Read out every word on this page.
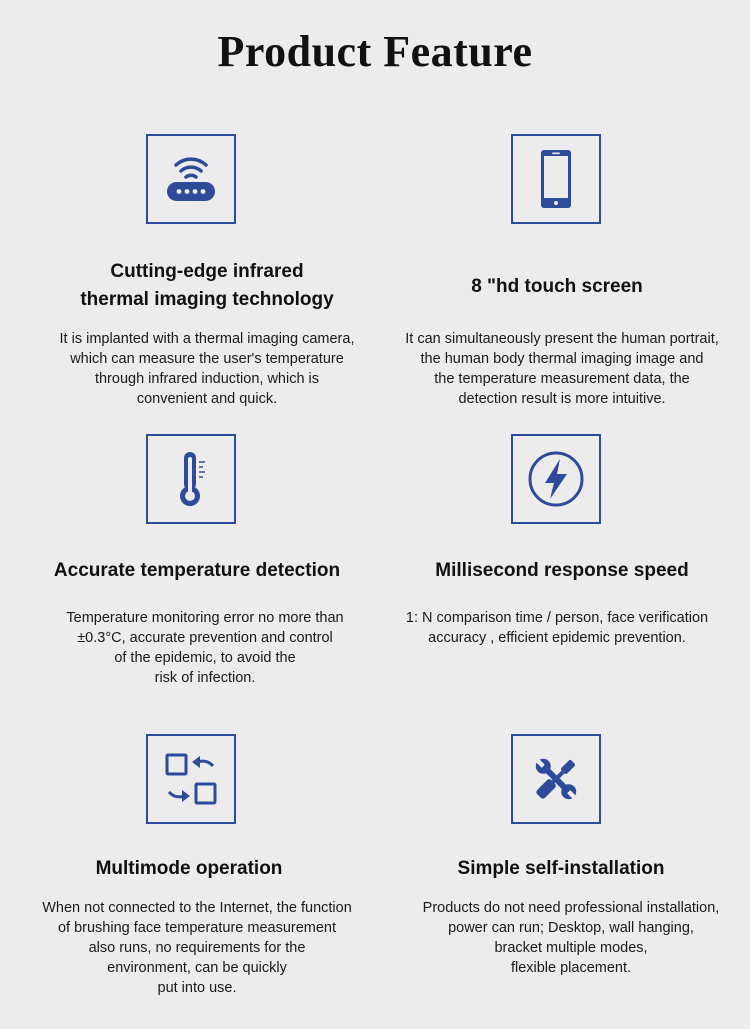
Product Feature
Cutting-edge infrared
thermal imaging technology
It is implanted with a thermal imaging camera,
which can measure the user's temperature
through infrared induction, which is
convenient and quick.
8 "hd touch screen
It can simultaneously present the human portrait,
the human body thermal imaging image and
the temperature measurement data, the
detection result is more intuitive.
Accurate temperature detection
Temperature monitoring error no more than
±0.3°C, accurate prevention and control
of the epidemic, to avoid the
risk of infection.
Millisecond response speed
1: N comparison time / person, face verification
accuracy , efficient epidemic prevention.
Multimode operation
When not connected to the Internet, the function
of brushing face temperature measurement
also runs, no requirements for the
environment, can be quickly
put into use.
Simple self-installation
Products do not need professional installation,
power can run; Desktop, wall hanging,
bracket multiple modes,
flexible placement.
